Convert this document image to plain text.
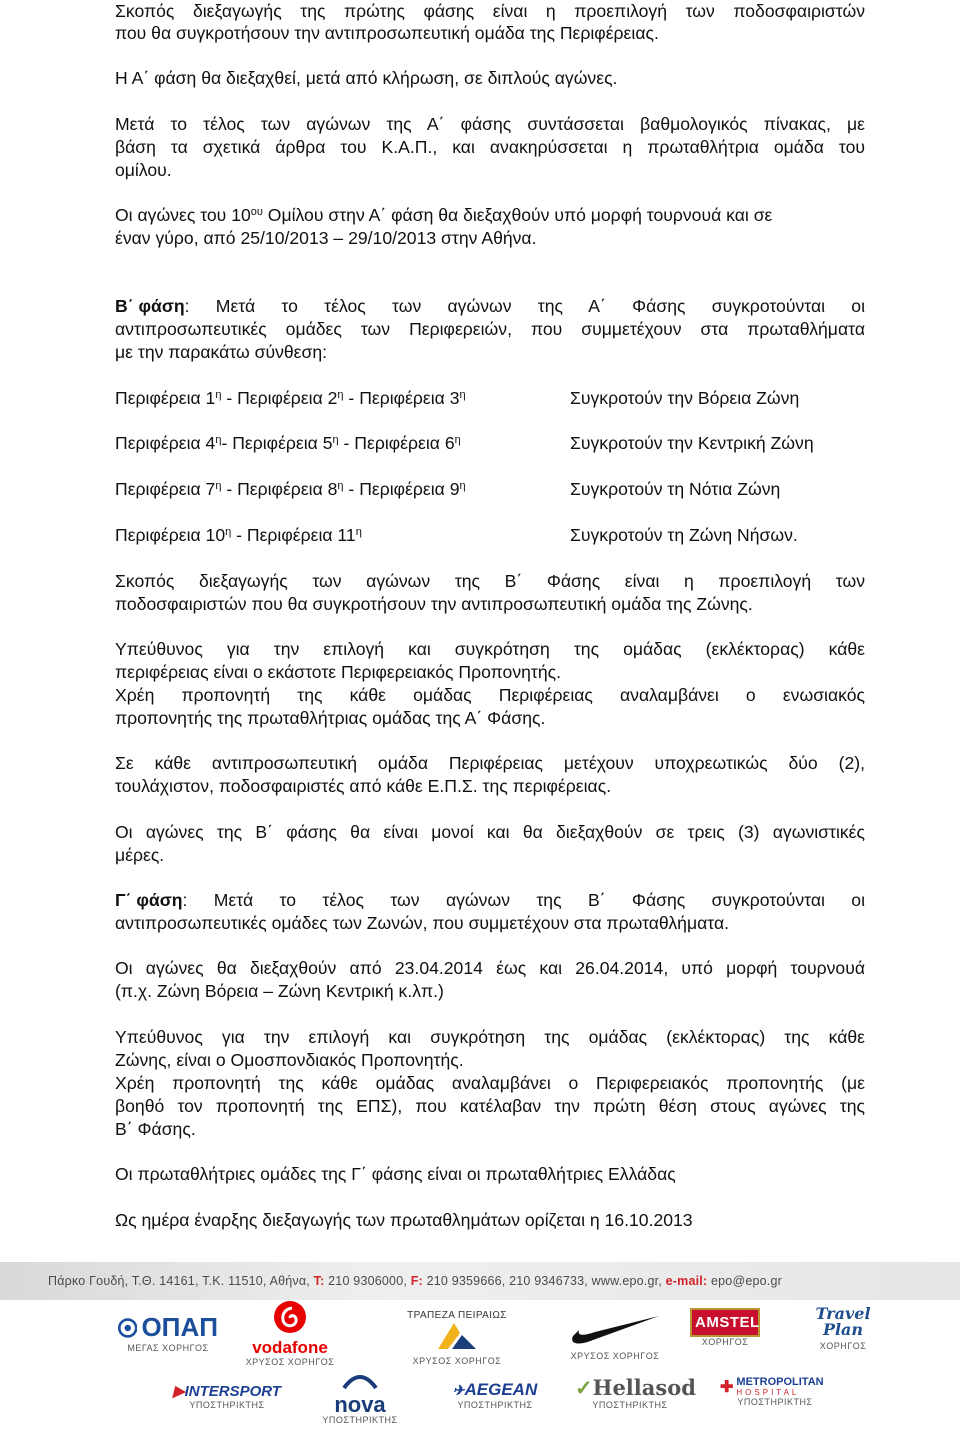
Σκοπός διεξαγωγής της πρώτης φάσης είναι η προεπιλογή των ποδοσφαιριστών
που θα συγκροτήσουν την αντιπροσωπευτική ομάδα της Περιφέρειας.
Η Α΄ φάση θα διεξαχθεί, μετά από κλήρωση, σε διπλούς αγώνες.
Μετά το τέλος των αγώνων της Α΄ φάσης συντάσσεται βαθμολογικός πίνακας, με
βάση τα σχετικά άρθρα του Κ.Α.Π., και ανακηρύσσεται η πρωταθλήτρια ομάδα του
ομίλου.
Οι αγώνες του $10^{o\upsilon}$ Ομίλου στην Α΄ φάση θα διεξαχθούν υπό μορφή τουρνουά και σε
έναν γύρο, από 25/10/2013 – 29/10/2013 στην Αθήνα.
Β΄ φάση : Μετά το τέλος των αγώνων της Α΄ Φάσης συγκροτούνται οι
αντιπροσωπευτικές ομάδες των Περιφερειών, που συμμετέχουν στα πρωταθλήματα
με την παρακάτω σύνθεση:
Περιφέρεια $1^\eta$ - Περιφέρεια $2^\eta$ - Περιφέρεια $3^\eta$	Συγκροτούν την Βόρεια Ζώνη
Περιφέρεια $4^\eta-$ Περιφέρεια $5^\eta$ - Περιφέρεια $6^\eta$	Συγκροτούν την Κεντρική Ζώνη
Περιφέρεια $7^\eta$ - Περιφέρεια $8^\eta$ - Περιφέρεια $9^\eta$	Συγκροτούν τη Νότια Ζώνη
Περιφέρεια $10^\eta$ - Περιφέρεια $11^\eta$	Συγκροτούν τη Ζώνη Νήσων.
Σκοπός διεξαγωγής των αγώνων της Β΄ Φάσης είναι η προεπιλογή των
ποδοσφαιριστών που θα συγκροτήσουν την αντιπροσωπευτική ομάδα της Ζώνης.
Υπεύθυνος για την επιλογή και συγκρότηση της ομάδας (εκλέκτορας) κάθε
περιφέρειας είναι ο εκάστοτε Περιφερειακός Προπονητής.
Χρέη προπονητή της κάθε ομάδας Περιφέρειας αναλαμβάνει ο ενωσιακός
προπονητής της πρωταθλήτριας ομάδας της Α΄ Φάσης.
Σε κάθε αντιπροσωπευτική ομάδα Περιφέρειας μετέχουν υποχρεωτικώς δύο (2),
τουλάχιστον, ποδοσφαιριστές από κάθε Ε.Π.Σ. της περιφέρειας.
Οι αγώνες της Β΄ φάσης θα είναι μονοί και θα διεξαχθούν σε τρεις (3) αγωνιστικές
μέρες.
Γ΄ φάση : Μετά το τέλος των αγώνων της Β΄ Φάσης συγκροτούνται οι
αντιπροσωπευτικές ομάδες των Ζωνών, που συμμετέχουν στα πρωταθλήματα.
Οι αγώνες θα διεξαχθούν από 23.04.2014 έως και 26.04.2014, υπό μορφή τουρνουά
(π.χ. Ζώνη Βόρεια – Ζώνη Κεντρική κ.λπ.)
Υπεύθυνος για την επιλογή και συγκρότηση της ομάδας (εκλέκτορας) της κάθε
Ζώνης, είναι ο Ομοσπονδιακός Προπονητής.
Χρέη προπονητή της κάθε ομάδας αναλαμβάνει ο Περιφερειακός προπονητής (με
βοηθό τον προπονητή της ΕΠΣ), που κατέλαβαν την πρώτη θέση στους αγώνες της
Β΄ Φάσης.
Οι πρωταθλήτριες ομάδες της Γ΄ φάσης είναι οι πρωταθλήτριες Ελλάδας
Ως ημέρα έναρξης διεξαγωγής των πρωταθλημάτων ορίζεται η 16.10.2013
Πάρκο Γουδή, Τ.Θ. 14161, Τ.Κ. 11510, Αθήνα, T: 210 9306000, F: 210 9359666, 210 9346733, www.epo.gr, e-mail: epo@epo.gr
ΟΠΑΠ
ΜΕΓΑΣ ΧΟΡΗΓΟΣ	vodafone
ΧΡΥΣΟΣ ΧΟΡΗΓΟΣ
ΤΡΑΠΕΖΑ ΠΕΙΡΑΙΩΣ
ΧΡΥΣΟΣ ΧΟΡΗΓΟΣ	ΧΡΥΣΟΣ ΧΟΡΗΓΟΣ
AMSTEL
ΧΟΡΗΓΟΣ
Travel Plan
ΧΟΡΗΓΟΣ
▶INTERSPORT
ΥΠΟΣΤΗΡΙΚΤΗΣ	nova
ΥΠΟΣΤΗΡΙΚΤΗΣ
✈AEGEAN
ΥΠΟΣΤΗΡΙΚΤΗΣ
✓Hellasod
ΥΠΟΣΤΗΡΙΚΤΗΣ
✚ METROPOLITAN
HOSPITAL
ΥΠΟΣΤΗΡΙΚΤΗΣ
